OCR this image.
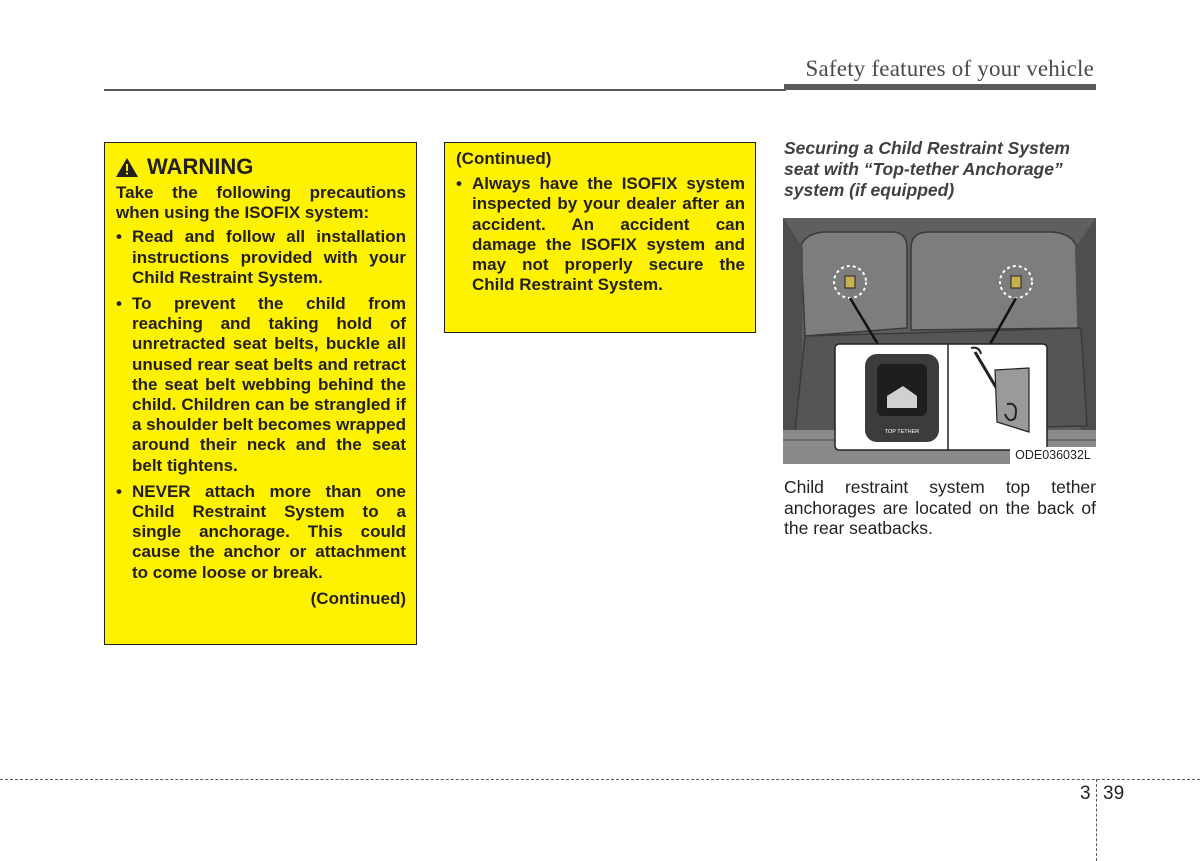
Safety features of your vehicle
WARNING

Take the following precautions when using the ISOFIX system:

• Read and follow all installation instructions provided with your Child Restraint System.
• To prevent the child from reaching and taking hold of unretracted seat belts, buckle all unused rear seat belts and retract the seat belt webbing behind the child. Children can be strangled if a shoulder belt becomes wrapped around their neck and the seat belt tightens.
• NEVER attach more than one Child Restraint System to a single anchorage. This could cause the anchor or attachment to come loose or break.
(Continued)
(Continued)
• Always have the ISOFIX system inspected by your dealer after an accident. An accident can damage the ISOFIX system and may not properly secure the Child Restraint System.
Securing a Child Restraint System seat with “Top-tether Anchorage” system (if equipped)
TOP TETHER
ODE036032L
Child restraint system top tether anchorages are located on the back of the rear seatbacks.
3 39
